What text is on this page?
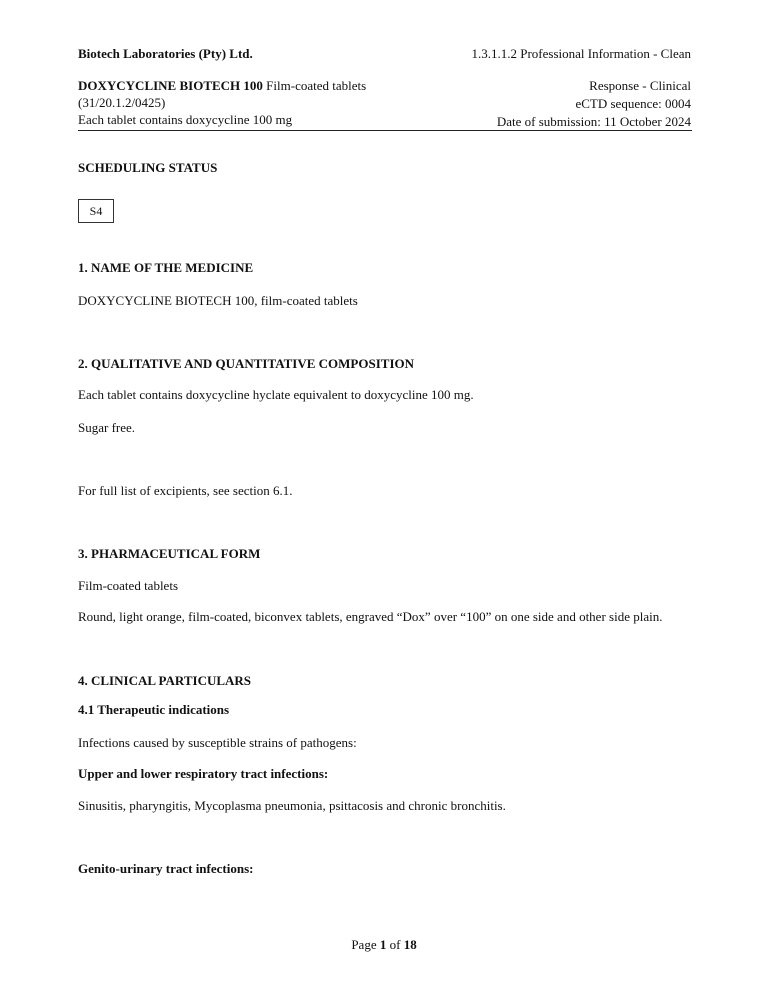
Biotech Laboratories (Pty) Ltd.	1.3.1.1.2 Professional Information - Clean
DOXYCYCLINE BIOTECH 100 Film-coated tablets
(31/20.1.2/0425)
Each tablet contains doxycycline 100 mg
Response - Clinical
eCTD sequence: 0004
Date of submission: 11 October 2024
SCHEDULING STATUS
S4
1. NAME OF THE MEDICINE
DOXYCYCLINE BIOTECH 100, film-coated tablets
2. QUALITATIVE AND QUANTITATIVE COMPOSITION
Each tablet contains doxycycline hyclate equivalent to doxycycline 100 mg.
Sugar free.
For full list of excipients, see section 6.1.
3. PHARMACEUTICAL FORM
Film-coated tablets
Round, light orange, film-coated, biconvex tablets, engraved “Dox” over “100” on one side and other side plain.
4. CLINICAL PARTICULARS
4.1 Therapeutic indications
Infections caused by susceptible strains of pathogens:
Upper and lower respiratory tract infections:
Sinusitis, pharyngitis, Mycoplasma pneumonia, psittacosis and chronic bronchitis.
Genito-urinary tract infections:
Page 1 of 18
